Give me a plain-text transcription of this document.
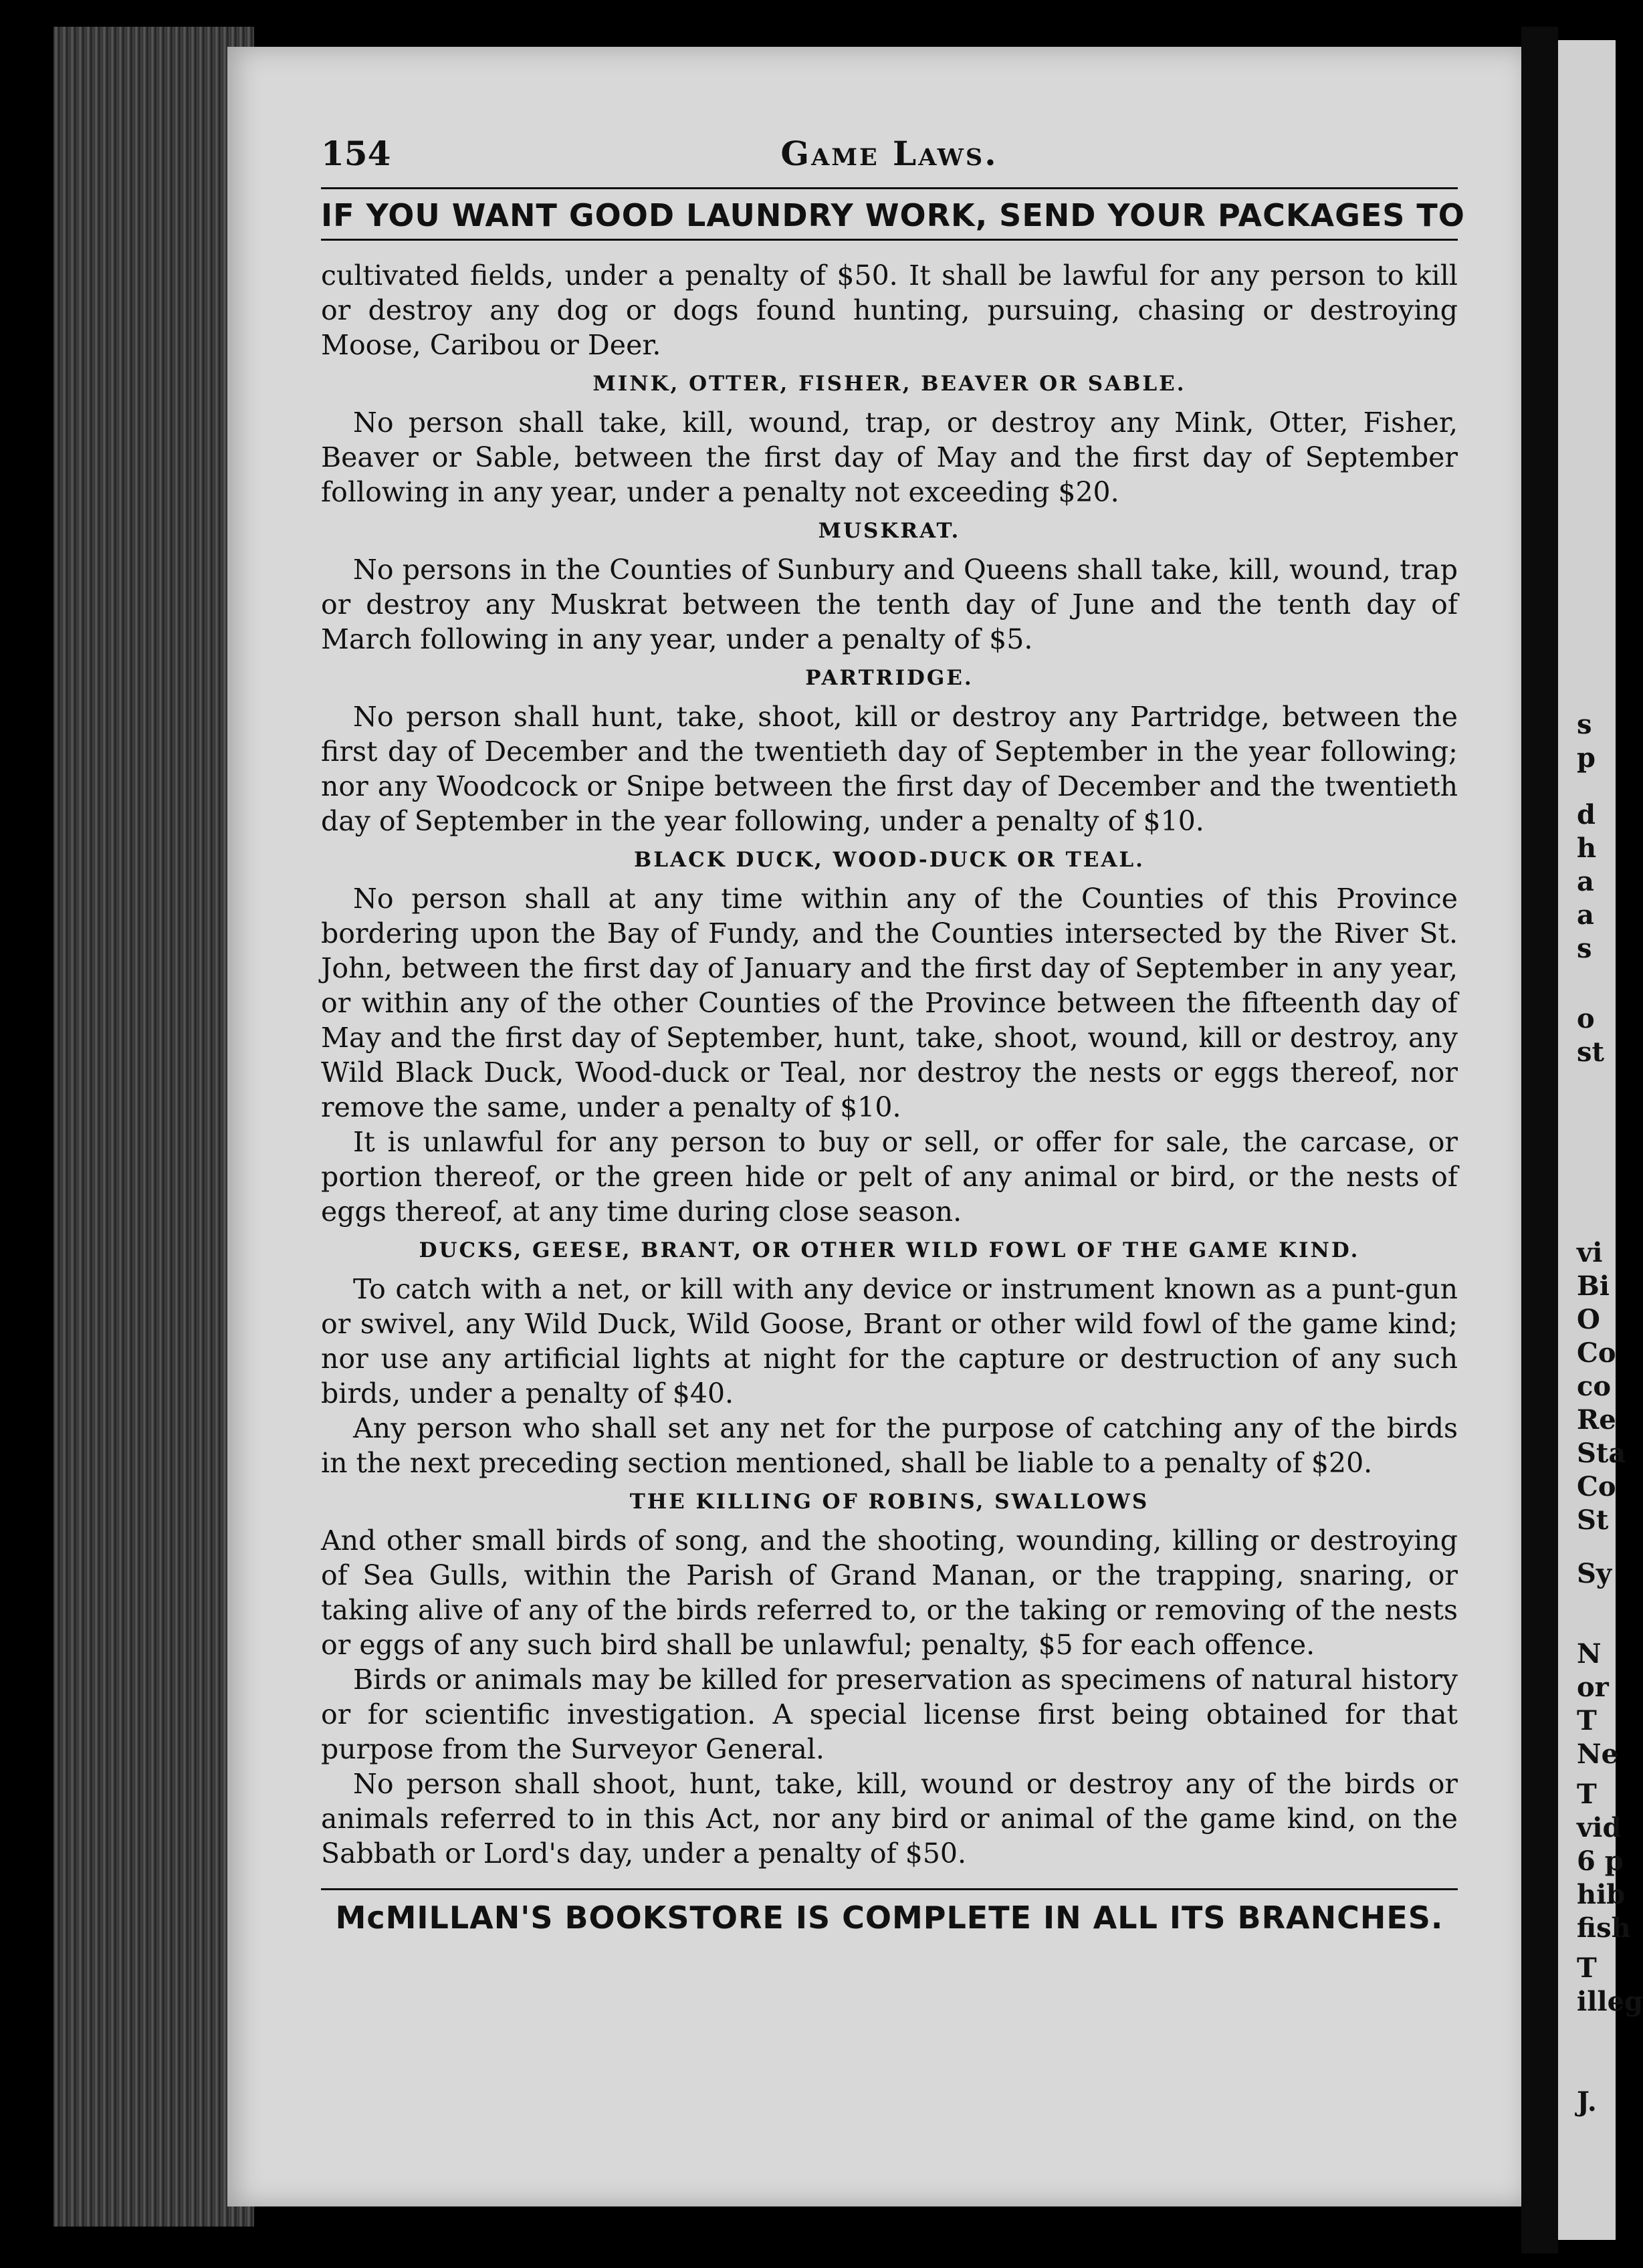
s
p
d
h
a
a
s
o
st
vi
Bi
O
Co
co
Re
Sta
Co
St
Sy
N
or
T
Ne
T
vid
6 p
hib
fish
T
illeg
J.
154	Game Laws.
IF YOU WANT GOOD LAUNDRY WORK, SEND YOUR PACKAGES TO

cultivated fields, under a penalty of $50. It shall be lawful for any person to kill or destroy any dog or dogs found hunting, pursuing, chasing or destroying Moose, Caribou or Deer.

MINK, OTTER, FISHER, BEAVER OR SABLE.

No person shall take, kill, wound, trap, or destroy any Mink, Otter, Fisher, Beaver or Sable, between the first day of May and the first day of September following in any year, under a penalty not exceeding $20.

MUSKRAT.

No persons in the Counties of Sunbury and Queens shall take, kill, wound, trap or destroy any Muskrat between the tenth day of June and the tenth day of March following in any year, under a penalty of $5.

PARTRIDGE.

No person shall hunt, take, shoot, kill or destroy any Partridge, between the first day of December and the twentieth day of September in the year following; nor any Woodcock or Snipe between the first day of December and the twentieth day of September in the year following, under a penalty of $10.

BLACK DUCK, WOOD-DUCK OR TEAL.

No person shall at any time within any of the Counties of this Province bordering upon the Bay of Fundy, and the Counties intersected by the River St. John, between the first day of January and the first day of September in any year, or within any of the other Counties of the Province between the fifteenth day of May and the first day of September, hunt, take, shoot, wound, kill or destroy, any Wild Black Duck, Wood-duck or Teal, nor destroy the nests or eggs thereof, nor remove the same, under a penalty of $10.

It is unlawful for any person to buy or sell, or offer for sale, the carcase, or portion thereof, or the green hide or pelt of any animal or bird, or the nests of eggs thereof, at any time during close season.

DUCKS, GEESE, BRANT, OR OTHER WILD FOWL OF THE GAME KIND.

To catch with a net, or kill with any device or instrument known as a punt-gun or swivel, any Wild Duck, Wild Goose, Brant or other wild fowl of the game kind; nor use any artificial lights at night for the capture or destruction of any such birds, under a penalty of $40.

Any person who shall set any net for the purpose of catching any of the birds in the next preceding section mentioned, shall be liable to a penalty of $20.

THE KILLING OF ROBINS, SWALLOWS

And other small birds of song, and the shooting, wounding, killing or destroying of Sea Gulls, within the Parish of Grand Manan, or the trapping, snaring, or taking alive of any of the birds referred to, or the taking or removing of the nests or eggs of any such bird shall be unlawful; penalty, $5 for each offence.

Birds or animals may be killed for preservation as specimens of natural history or for scientific investigation. A special license first being obtained for that purpose from the Surveyor General.

No person shall shoot, hunt, take, kill, wound or destroy any of the birds or animals referred to in this Act, nor any bird or animal of the game kind, on the Sabbath or Lord's day, under a penalty of $50.

McMILLAN'S BOOKSTORE IS COMPLETE IN ALL ITS BRANCHES.
